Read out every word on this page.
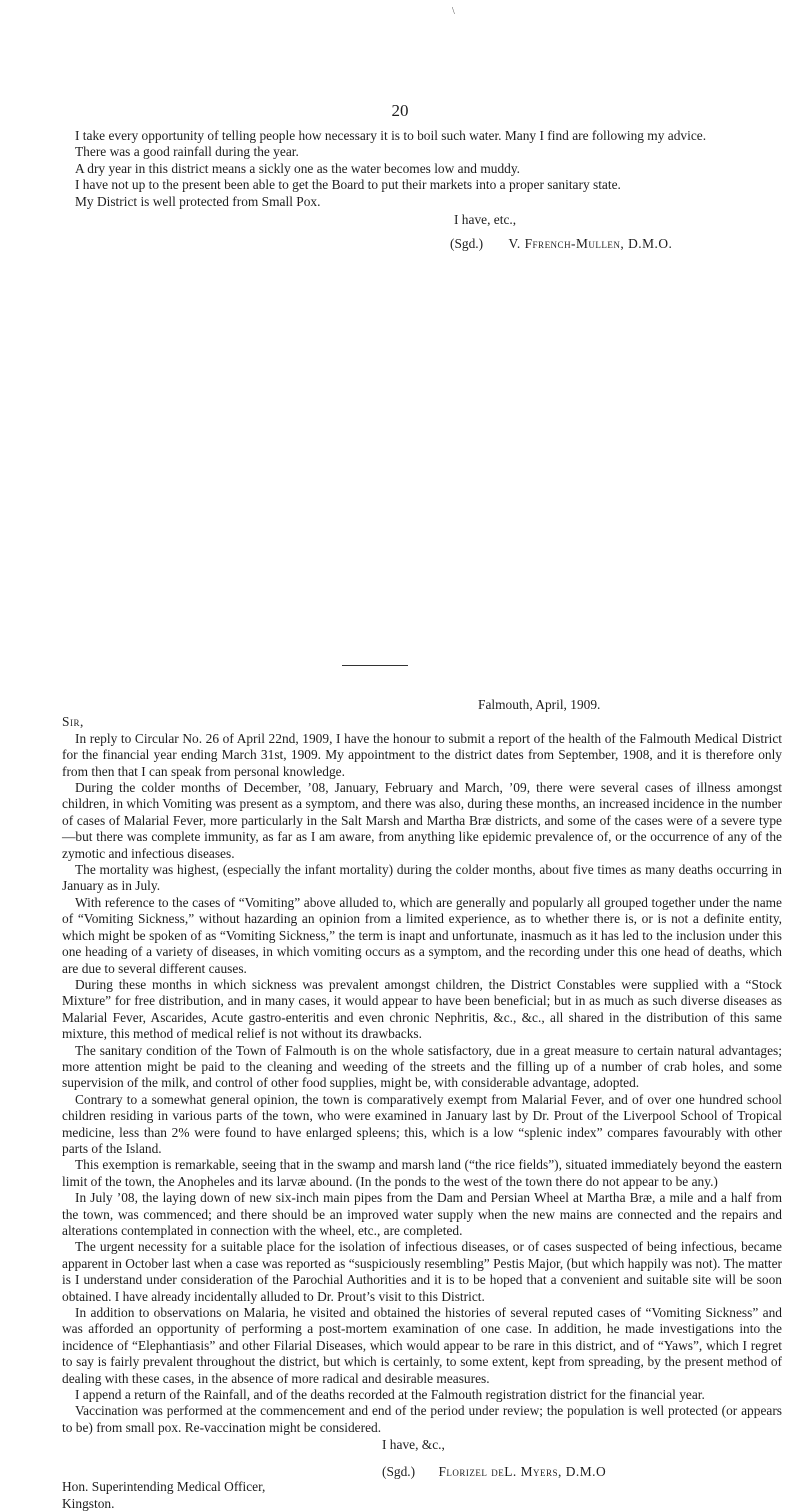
\
20

I take every opportunity of telling people how necessary it is to boil such water. Many I find are following my advice.

There was a good rainfall during the year.

A dry year in this district means a sickly one as the water becomes low and muddy.

I have not up to the present been able to get the Board to put their markets into a proper sanitary state.

My District is well protected from Small Pox.

I have, etc.,
(Sgd.) V. Ffrench-Mullen, D.M.O.
Falmouth, April, 1909.
Sir,

In reply to Circular No. 26 of April 22nd, 1909, I have the honour to submit a report of the health of the Falmouth Medical District for the financial year ending March 31st, 1909. My appointment to the district dates from September, 1908, and it is therefore only from then that I can speak from personal knowledge.

During the colder months of December, ’08, January, February and March, ’09, there were several cases of illness amongst children, in which Vomiting was present as a symptom, and there was also, during these months, an increased incidence in the number of cases of Malarial Fever, more particularly in the Salt Marsh and Martha Bræ districts, and some of the cases were of a severe type—but there was complete immunity, as far as I am aware, from anything like epidemic prevalence of, or the occurrence of any of the zymotic and infectious diseases.

The mortality was highest, (especially the infant mortality) during the colder months, about five times as many deaths occurring in January as in July.

With reference to the cases of “Vomiting” above alluded to, which are generally and popularly all grouped together under the name of “Vomiting Sickness,” without hazarding an opinion from a limited experience, as to whether there is, or is not a definite entity, which might be spoken of as “Vomiting Sickness,” the term is inapt and unfortunate, inasmuch as it has led to the inclusion under this one heading of a variety of diseases, in which vomiting occurs as a symptom, and the recording under this one head of deaths, which are due to several different causes.

During these months in which sickness was prevalent amongst children, the District Constables were supplied with a “Stock Mixture” for free distribution, and in many cases, it would appear to have been beneficial; but in as much as such diverse diseases as Malarial Fever, Ascarides, Acute gastro-enteritis and even chronic Nephritis, &c., &c., all shared in the distribution of this same mixture, this method of medical relief is not without its drawbacks.

The sanitary condition of the Town of Falmouth is on the whole satisfactory, due in a great measure to certain natural advantages; more attention might be paid to the cleaning and weeding of the streets and the filling up of a number of crab holes, and some supervision of the milk, and control of other food supplies, might be, with considerable advantage, adopted.

Contrary to a somewhat general opinion, the town is comparatively exempt from Malarial Fever, and of over one hundred school children residing in various parts of the town, who were examined in January last by Dr. Prout of the Liverpool School of Tropical medicine, less than 2% were found to have enlarged spleens; this, which is a low “splenic index” compares favourably with other parts of the Island.

This exemption is remarkable, seeing that in the swamp and marsh land (“the rice fields”), situated immediately beyond the eastern limit of the town, the Anopheles and its larvæ abound. (In the ponds to the west of the town there do not appear to be any.)

In July ’08, the laying down of new six-inch main pipes from the Dam and Persian Wheel at Martha Bræ, a mile and a half from the town, was commenced; and there should be an improved water supply when the new mains are connected and the repairs and alterations contemplated in connection with the wheel, etc., are completed.

The urgent necessity for a suitable place for the isolation of infectious diseases, or of cases suspected of being infectious, became apparent in October last when a case was reported as “suspiciously resembling” Pestis Major, (but which happily was not). The matter is I understand under consideration of the Parochial Authorities and it is to be hoped that a convenient and suitable site will be soon obtained. I have already incidentally alluded to Dr. Prout’s visit to this District.

In addition to observations on Malaria, he visited and obtained the histories of several reputed cases of “Vomiting Sickness” and was afforded an opportunity of performing a post-mortem examination of one case. In addition, he made investigations into the incidence of “Elephantiasis” and other Filarial Diseases, which would appear to be rare in this district, and of “Yaws”, which I regret to say is fairly prevalent throughout the district, but which is certainly, to some extent, kept from spreading, by the present method of dealing with these cases, in the absence of more radical and desirable measures.

I append a return of the Rainfall, and of the deaths recorded at the Falmouth registration district for the financial year.

Vaccination was performed at the commencement and end of the period under review; the population is well protected (or appears to be) from small pox. Re-vaccination might be considered.

I have, &c.,
(Sgd.) Florizel deL. Myers, D.M.O
Hon. Superintending Medical Officer,
Kingston.
